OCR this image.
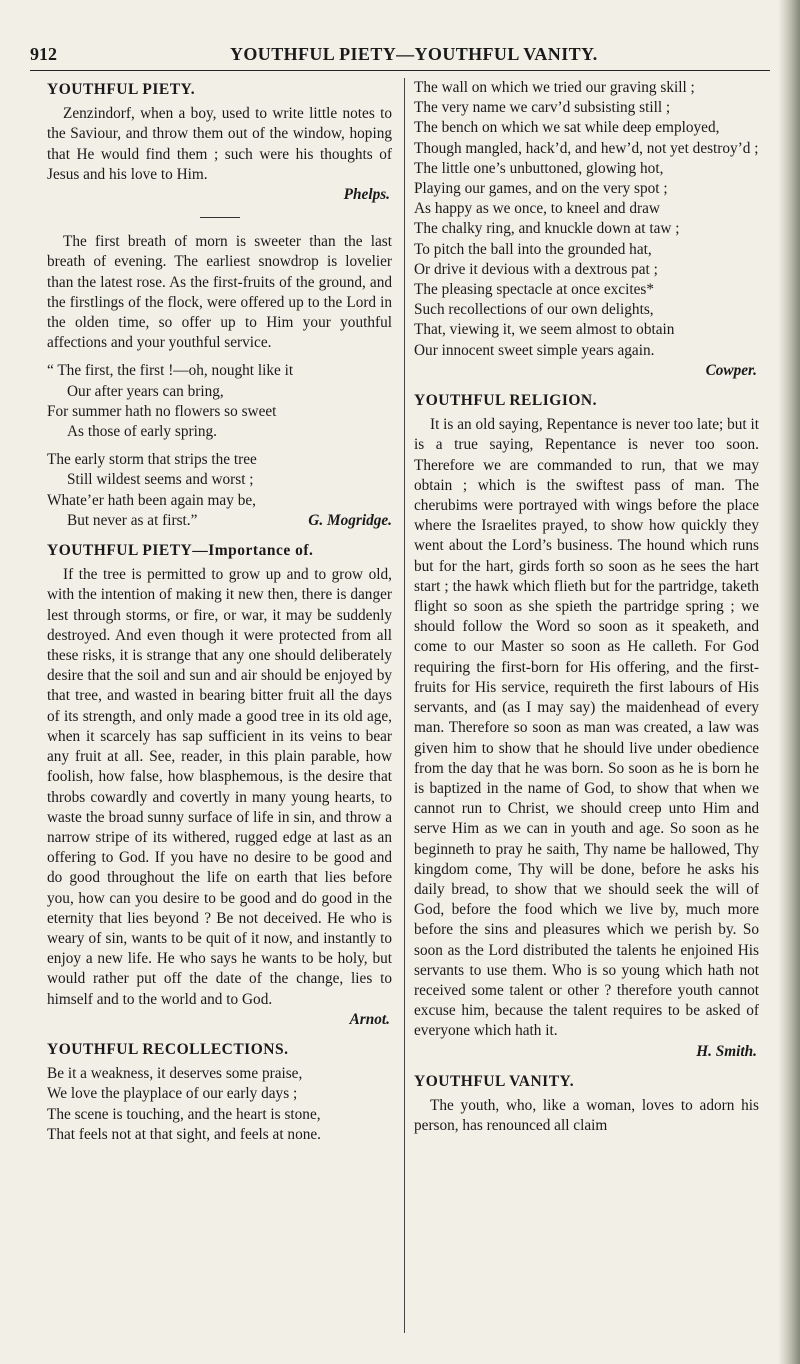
912	YOUTHFUL PIETY—YOUTHFUL VANITY.
YOUTHFUL PIETY.

Zenzindorf, when a boy, used to write little notes to the Saviour, and throw them out of the window, hoping that He would find them ; such were his thoughts of Jesus and his love to Him.

Phelps.

The first breath of morn is sweeter than the last breath of evening. The earliest snowdrop is lovelier than the latest rose. As the first-fruits of the ground, and the firstlings of the flock, were offered up to the Lord in the olden time, so offer up to Him your youthful affections and your youthful service.

“ The first, the first !—oh, nought like it
Our after years can bring,
For summer hath no flowers so sweet
As those of early spring.
The early storm that strips the tree
Still wildest seems and worst ;
Whate’er hath been again may be,
But never as at first.”	G. Mogridge.
YOUTHFUL PIETY—Importance of.

If the tree is permitted to grow up and to grow old, with the intention of making it new then, there is danger lest through storms, or fire, or war, it may be suddenly destroyed. And even though it were protected from all these risks, it is strange that any one should deliberately desire that the soil and sun and air should be enjoyed by that tree, and wasted in bearing bitter fruit all the days of its strength, and only made a good tree in its old age, when it scarcely has sap sufficient in its veins to bear any fruit at all. See, reader, in this plain parable, how foolish, how false, how blasphemous, is the desire that throbs cowardly and covertly in many young hearts, to waste the broad sunny surface of life in sin, and throw a narrow stripe of its withered, rugged edge at last as an offering to God. If you have no desire to be good and do good throughout the life on earth that lies before you, how can you desire to be good and do good in the eternity that lies beyond ? Be not deceived. He who is weary of sin, wants to be quit of it now, and instantly to enjoy a new life. He who says he wants to be holy, but would rather put off the date of the change, lies to himself and to the world and to God.

Arnot.
YOUTHFUL RECOLLECTIONS.
Be it a weakness, it deserves some praise,
We love the playplace of our early days ;
The scene is touching, and the heart is stone,
That feels not at that sight, and feels at none.
The wall on which we tried our graving skill ;
The very name we carv’d subsisting still ;
The bench on which we sat while deep employed,
Though mangled, hack’d, and hew’d, not yet destroy’d ;
The little one’s unbuttoned, glowing hot,
Playing our games, and on the very spot ;
As happy as we once, to kneel and draw
The chalky ring, and knuckle down at taw ;
To pitch the ball into the grounded hat,
Or drive it devious with a dextrous pat ;
The pleasing spectacle at once excites*
Such recollections of our own delights,
That, viewing it, we seem almost to obtain
Our innocent sweet simple years again.
Cowper.
YOUTHFUL RELIGION.

It is an old saying, Repentance is never too late; but it is a true saying, Repentance is never too soon. Therefore we are commanded to run, that we may obtain ; which is the swiftest pass of man. The cherubims were portrayed with wings before the place where the Israelites prayed, to show how quickly they went about the Lord’s business. The hound which runs but for the hart, girds forth so soon as he sees the hart start ; the hawk which flieth but for the partridge, taketh flight so soon as she spieth the partridge spring ; we should follow the Word so soon as it speaketh, and come to our Master so soon as He calleth. For God requiring the first-born for His offering, and the first-fruits for His service, requireth the first labours of His servants, and (as I may say) the maidenhead of every man. Therefore so soon as man was created, a law was given him to show that he should live under obedience from the day that he was born. So soon as he is born he is baptized in the name of God, to show that when we cannot run to Christ, we should creep unto Him and serve Him as we can in youth and age. So soon as he beginneth to pray he saith, Thy name be hallowed, Thy kingdom come, Thy will be done, before he asks his daily bread, to show that we should seek the will of God, before the food which we live by, much more before the sins and pleasures which we perish by. So soon as the Lord distributed the talents he enjoined His servants to use them. Who is so young which hath not received some talent or other ? therefore youth cannot excuse him, because the talent requires to be asked of everyone which hath it.

H. Smith.
YOUTHFUL VANITY.

The youth, who, like a woman, loves to adorn his person, has renounced all claim
